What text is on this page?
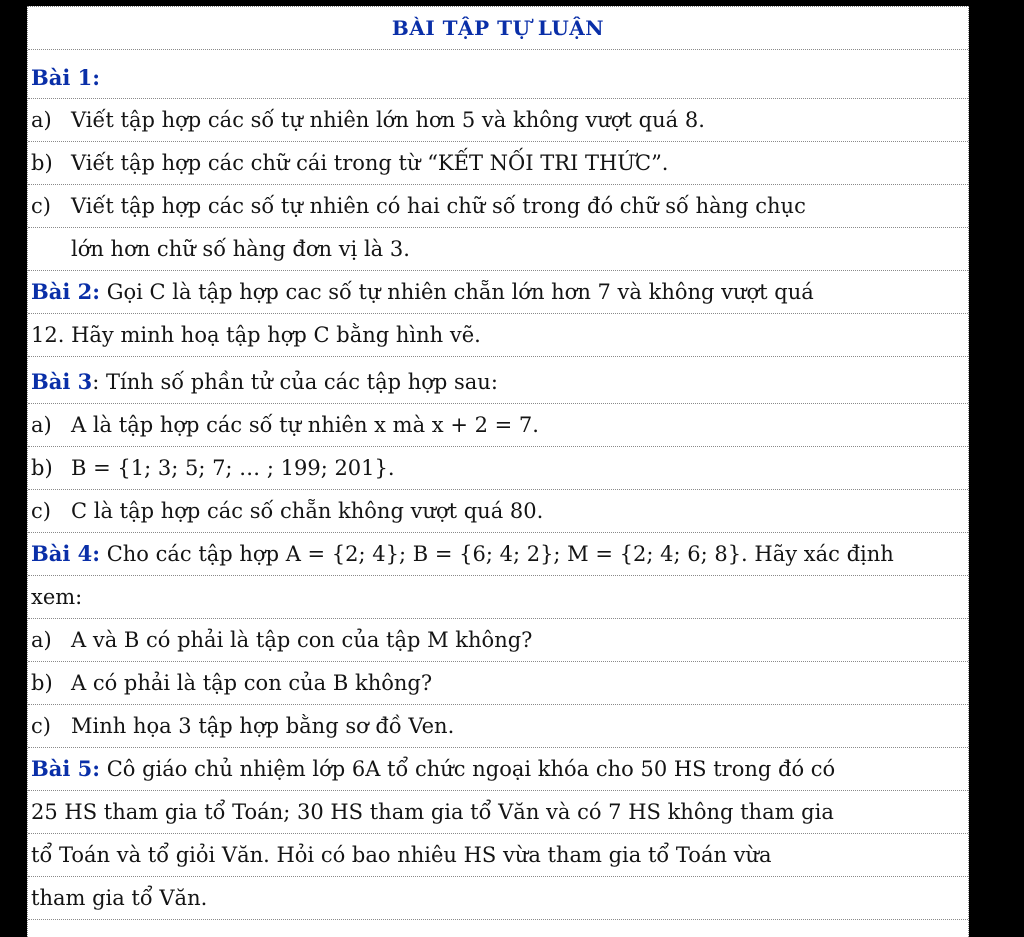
BÀI TẬP TỰ LUẬN
Bài 1:
a) Viết tập hợp các số tự nhiên lớn hơn 5 và không vượt quá 8.
b) Viết tập hợp các chữ cái trong từ “KẾT NỐI TRI THỨC”.
c) Viết tập hợp các số tự nhiên có hai chữ số trong đó chữ số hàng chục
lớn hơn chữ số hàng đơn vị là 3.
Bài 2: Gọi C là tập hợp cac số tự nhiên chẵn lớn hơn 7 và không vượt quá
12. Hãy minh hoạ tập hợp C bằng hình vẽ.
Bài 3: Tính số phần tử của các tập hợp sau:
a) A là tập hợp các số tự nhiên x mà x + 2 = 7.
b) B = {1; 3; 5; 7; … ; 199; 201}.
c) C là tập hợp các số chẵn không vượt quá 80.
Bài 4: Cho các tập hợp A = {2; 4}; B = {6; 4; 2}; M = {2; 4; 6; 8}. Hãy xác định
xem:
a) A và B có phải là tập con của tập M không?
b) A có phải là tập con của B không?
c) Minh họa 3 tập hợp bằng sơ đồ Ven.
Bài 5: Cô giáo chủ nhiệm lớp 6A tổ chức ngoại khóa cho 50 HS trong đó có
25 HS tham gia tổ Toán; 30 HS tham gia tổ Văn và có 7 HS không tham gia
tổ Toán và tổ giỏi Văn. Hỏi có bao nhiêu HS vừa tham gia tổ Toán vừa
tham gia tổ Văn.
